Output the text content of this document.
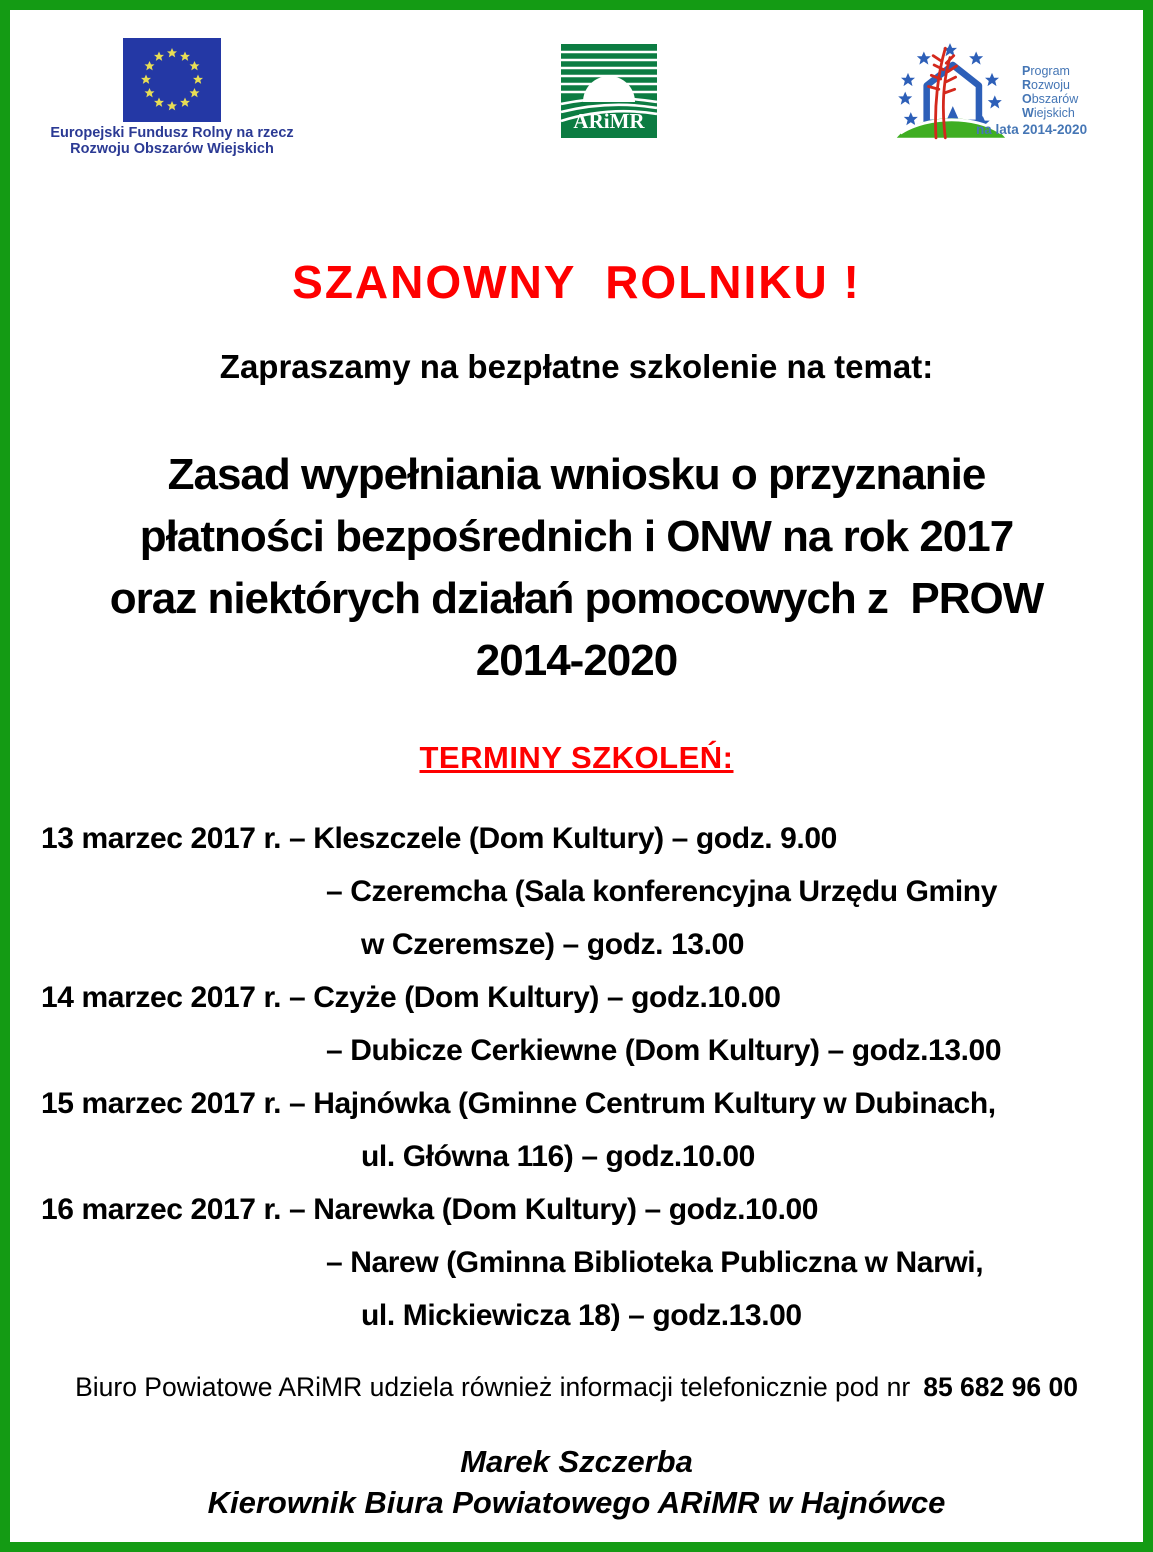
Europejski Fundusz Rolny na rzecz
Rozwoju Obszarów Wiejskich
ARiMR
Program
Rozwoju
Obszarów
Wiejskich
na lata 2014-2020
SZANOWNY  ROLNIKU !
Zapraszamy na bezpłatne szkolenie na temat:
Zasad wypełniania wniosku o przyznanie
płatności bezpośrednich i ONW na rok 2017
oraz niektórych działań pomocowych z  PROW
2014-2020
TERMINY SZKOLEŃ:
13 marzec 2017 r. – Kleszczele (Dom Kultury) – godz. 9.00
– Czeremcha (Sala konferencyjna Urzędu Gminy
w Czeremsze) – godz. 13.00
14 marzec 2017 r. – Czyże (Dom Kultury) – godz.10.00
– Dubicze Cerkiewne (Dom Kultury) – godz.13.00
15 marzec 2017 r. – Hajnówka (Gminne Centrum Kultury w Dubinach,
ul. Główna 116) – godz.10.00
16 marzec 2017 r. – Narewka (Dom Kultury) – godz.10.00
– Narew (Gminna Biblioteka Publiczna w Narwi,
ul. Mickiewicza 18) – godz.13.00
Biuro Powiatowe ARiMR udziela również informacji telefonicznie pod nr 85 682 96 00
Marek Szczerba
Kierownik Biura Powiatowego ARiMR w Hajnówce
